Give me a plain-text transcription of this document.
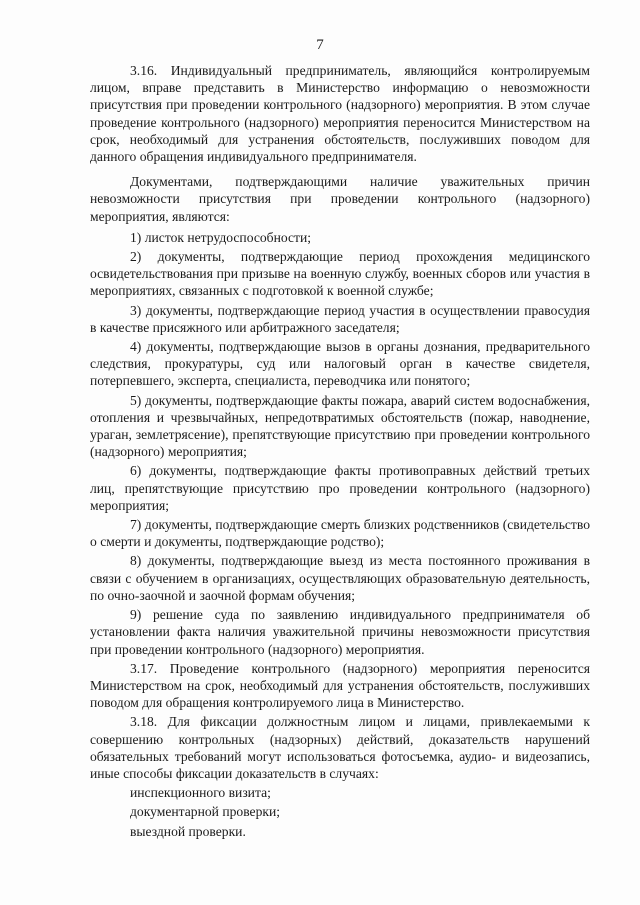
7

3.16. Индивидуальный предприниматель, являющийся контролируемым лицом, вправе представить в Министерство информацию о невозможности присутствия при проведении контрольного (надзорного) мероприятия. В этом случае проведение контрольного (надзорного) мероприятия переносится Министерством на срок, необходимый для устранения обстоятельств, послуживших поводом для данного обращения индивидуального предпринимателя.

Документами, подтверждающими наличие уважительных причин невозможности присутствия при проведении контрольного (надзорного) мероприятия, являются:

1) листок нетрудоспособности;

2) документы, подтверждающие период прохождения медицинского освидетельствования при призыве на военную службу, военных сборов или участия в мероприятиях, связанных с подготовкой к военной службе;

3) документы, подтверждающие период участия в осуществлении правосудия в качестве присяжного или арбитражного заседателя;

4) документы, подтверждающие вызов в органы дознания, предварительного следствия, прокуратуры, суд или налоговый орган в качестве свидетеля, потерпевшего, эксперта, специалиста, переводчика или понятого;

5) документы, подтверждающие факты пожара, аварий систем водоснабжения, отопления и чрезвычайных, непредотвратимых обстоятельств (пожар, наводнение, ураган, землетрясение), препятствующие присутствию при проведении контрольного (надзорного) мероприятия;

6) документы, подтверждающие факты противоправных действий третьих лиц, препятствующие присутствию про проведении контрольного (надзорного) мероприятия;

7) документы, подтверждающие смерть близких родственников (свидетельство о смерти и документы, подтверждающие родство);

8) документы, подтверждающие выезд из места постоянного проживания в связи с обучением в организациях, осуществляющих образовательную деятельность, по очно-заочной и заочной формам обучения;

9) решение суда по заявлению индивидуального предпринимателя об установлении факта наличия уважительной причины невозможности присутствия при проведении контрольного (надзорного) мероприятия.

3.17. Проведение контрольного (надзорного) мероприятия переносится Министерством на срок, необходимый для устранения обстоятельств, послуживших поводом для обращения контролируемого лица в Министерство.

3.18. Для фиксации должностным лицом и лицами, привлекаемыми к совершению контрольных (надзорных) действий, доказательств нарушений обязательных требований могут использоваться фотосъемка, аудио- и видеозапись, иные способы фиксации доказательств в случаях:

инспекционного визита;

документарной проверки;

выездной проверки.
